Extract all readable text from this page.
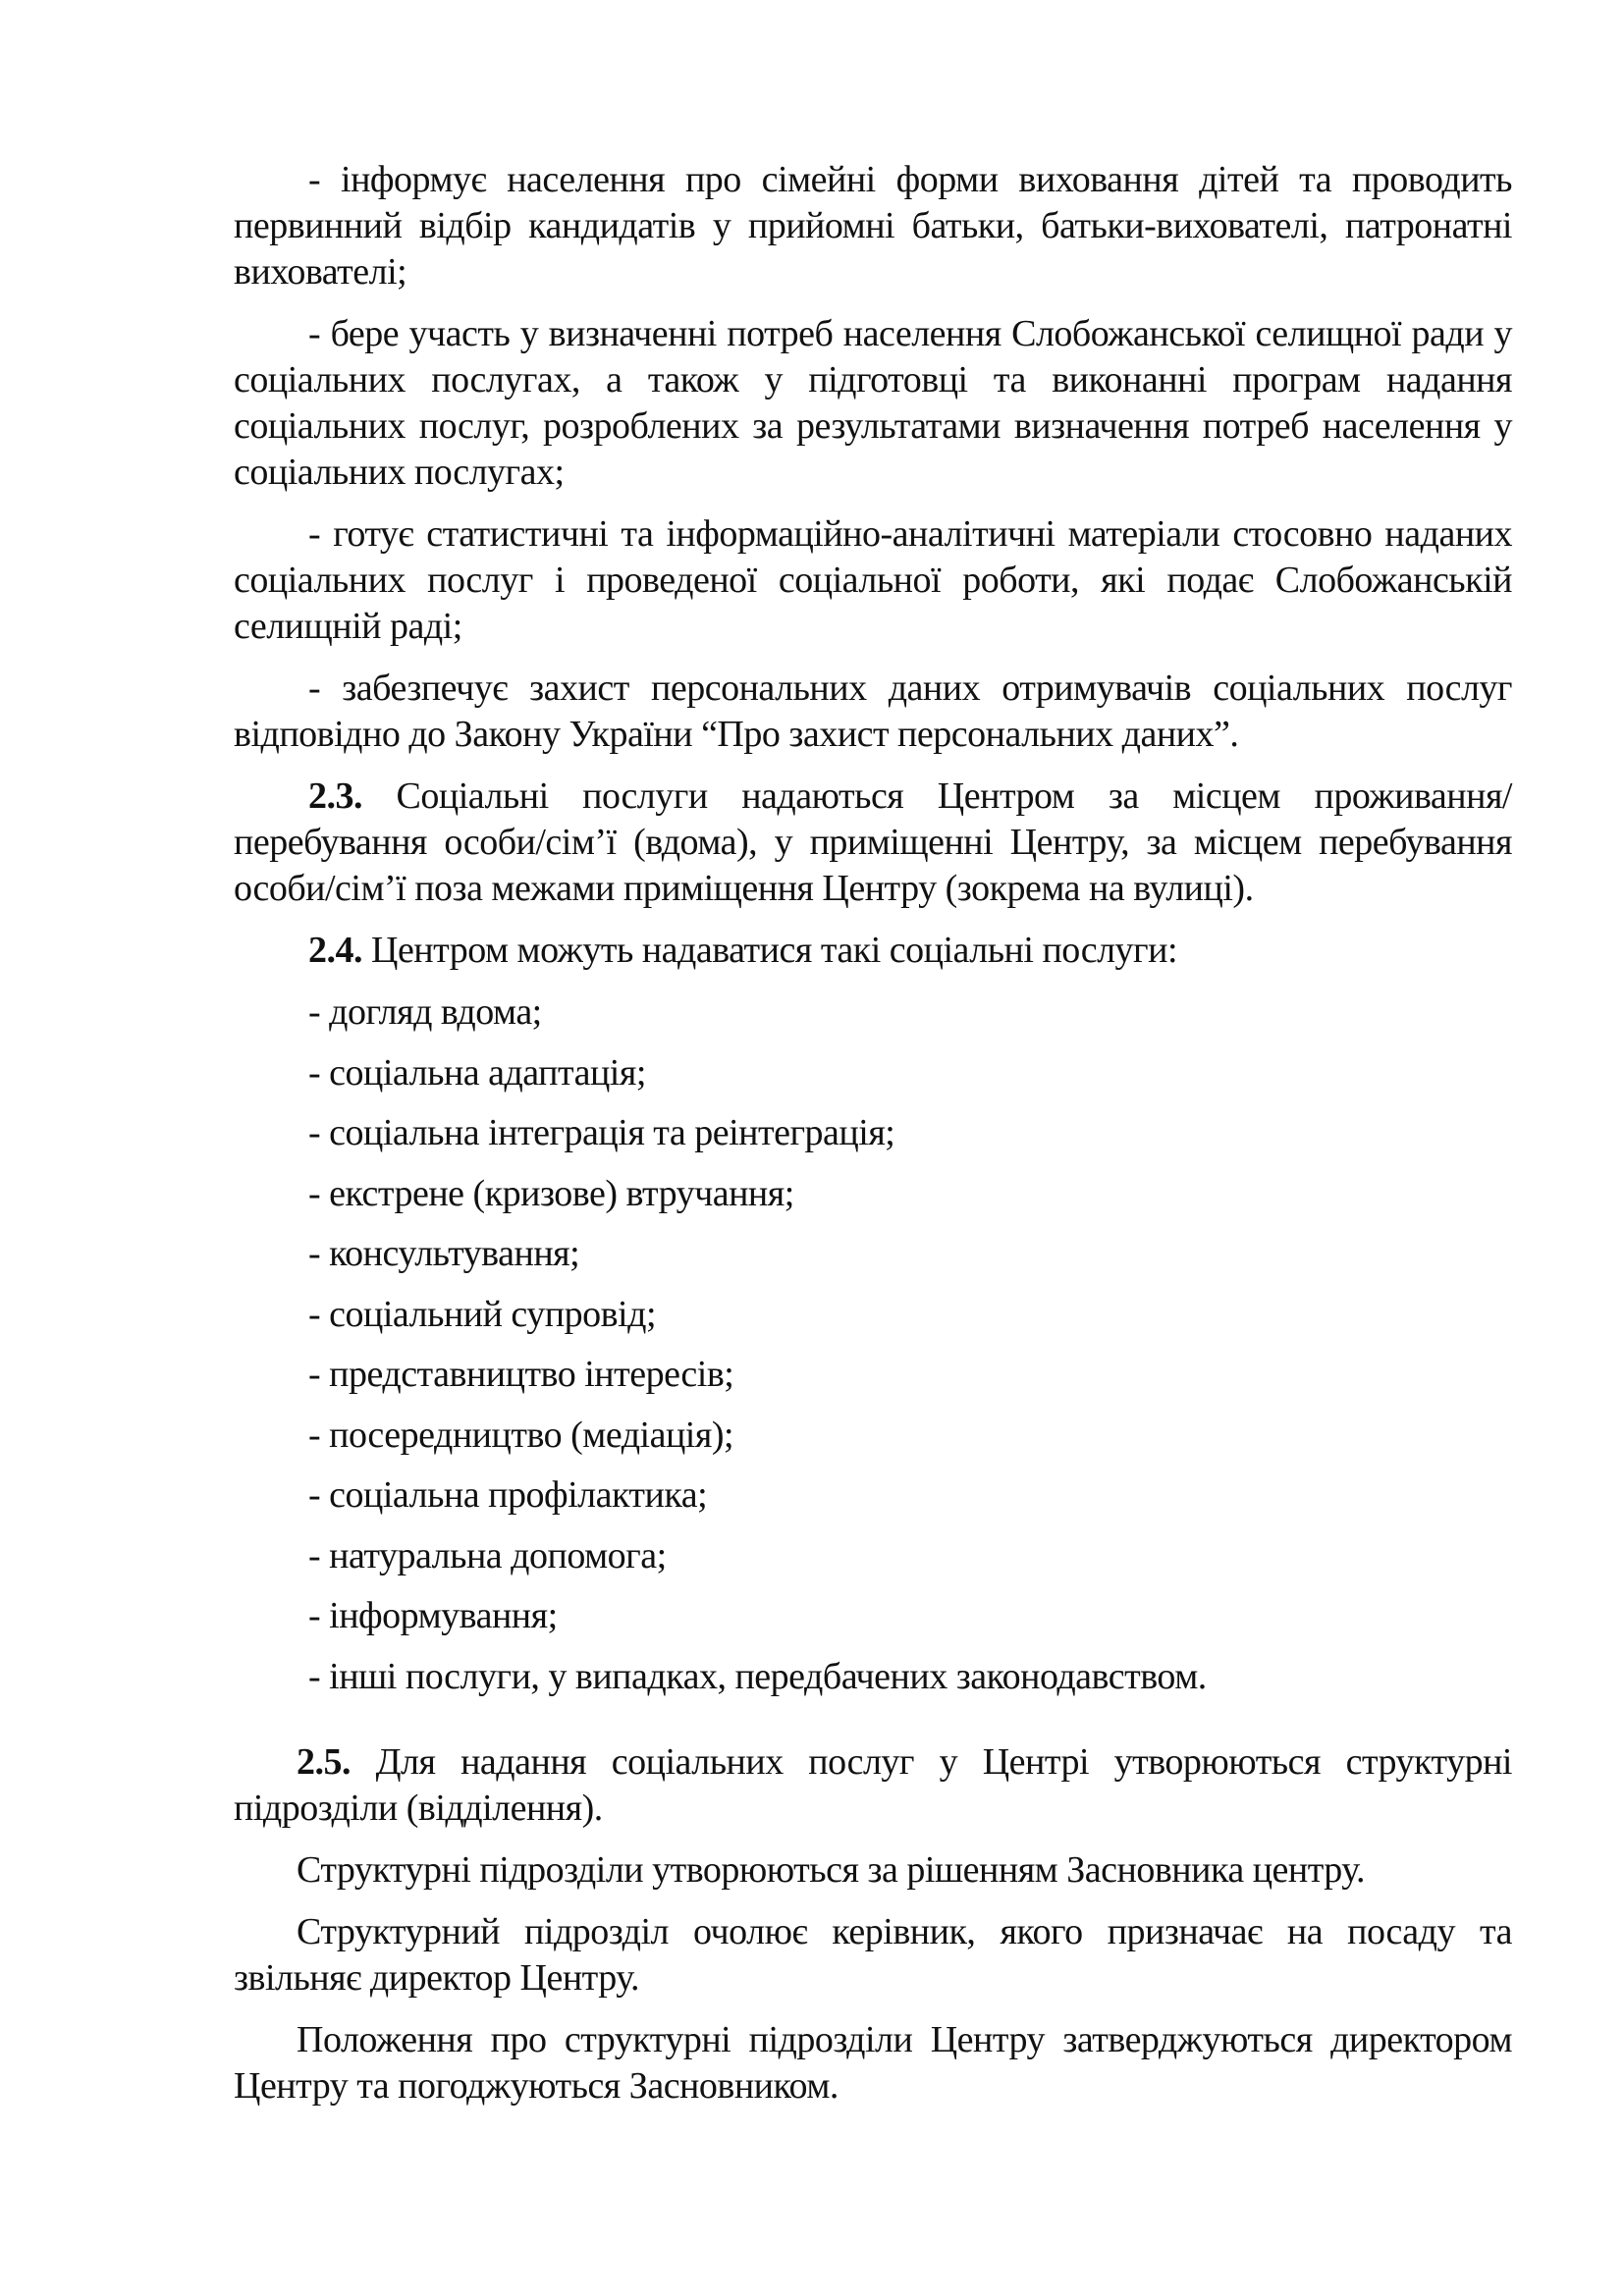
- інформує населення про сімейні форми виховання дітей та проводить первинний відбір кандидатів у прийомні батьки, батьки-вихователі, патронатні вихователі;

- бере участь у визначенні потреб населення Слобожанської селищної ради у соціальних послугах, а також у підготовці та виконанні програм надання соціальних послуг, розроблених за результатами визначення потреб населення у соціальних послугах;

- готує статистичні та інформаційно-аналітичні матеріали стосовно наданих соціальних послуг і проведеної соціальної роботи, які подає Слобожанській селищній раді;

- забезпечує захист персональних даних отримувачів соціальних послуг відповідно до Закону України “Про захист персональних даних”.

2.3. Соціальні послуги надаються Центром за місцем проживання/перебування особи/сім’ї (вдома), у приміщенні Центру, за місцем перебування особи/сім’ї поза межами приміщення Центру (зокрема на вулиці).

2.4. Центром можуть надаватися такі соціальні послуги:

- догляд вдома;
- соціальна адаптація;
- соціальна інтеграція та реінтеграція;
- екстрене (кризове) втручання;
- консультування;
- соціальний супровід;
- представництво інтересів;
- посередництво (медіація);
- соціальна профілактика;
- натуральна допомога;
- інформування;
- інші послуги, у випадках, передбачених законодавством.

2.5. Для надання соціальних послуг у Центрі утворюються структурні підрозділи (відділення).

Структурні підрозділи утворюються за рішенням Засновника центру.

Структурний підрозділ очолює керівник, якого призначає на посаду та звільняє директор Центру.

Положення про структурні підрозділи Центру затверджуються директором Центру та погоджуються Засновником.
